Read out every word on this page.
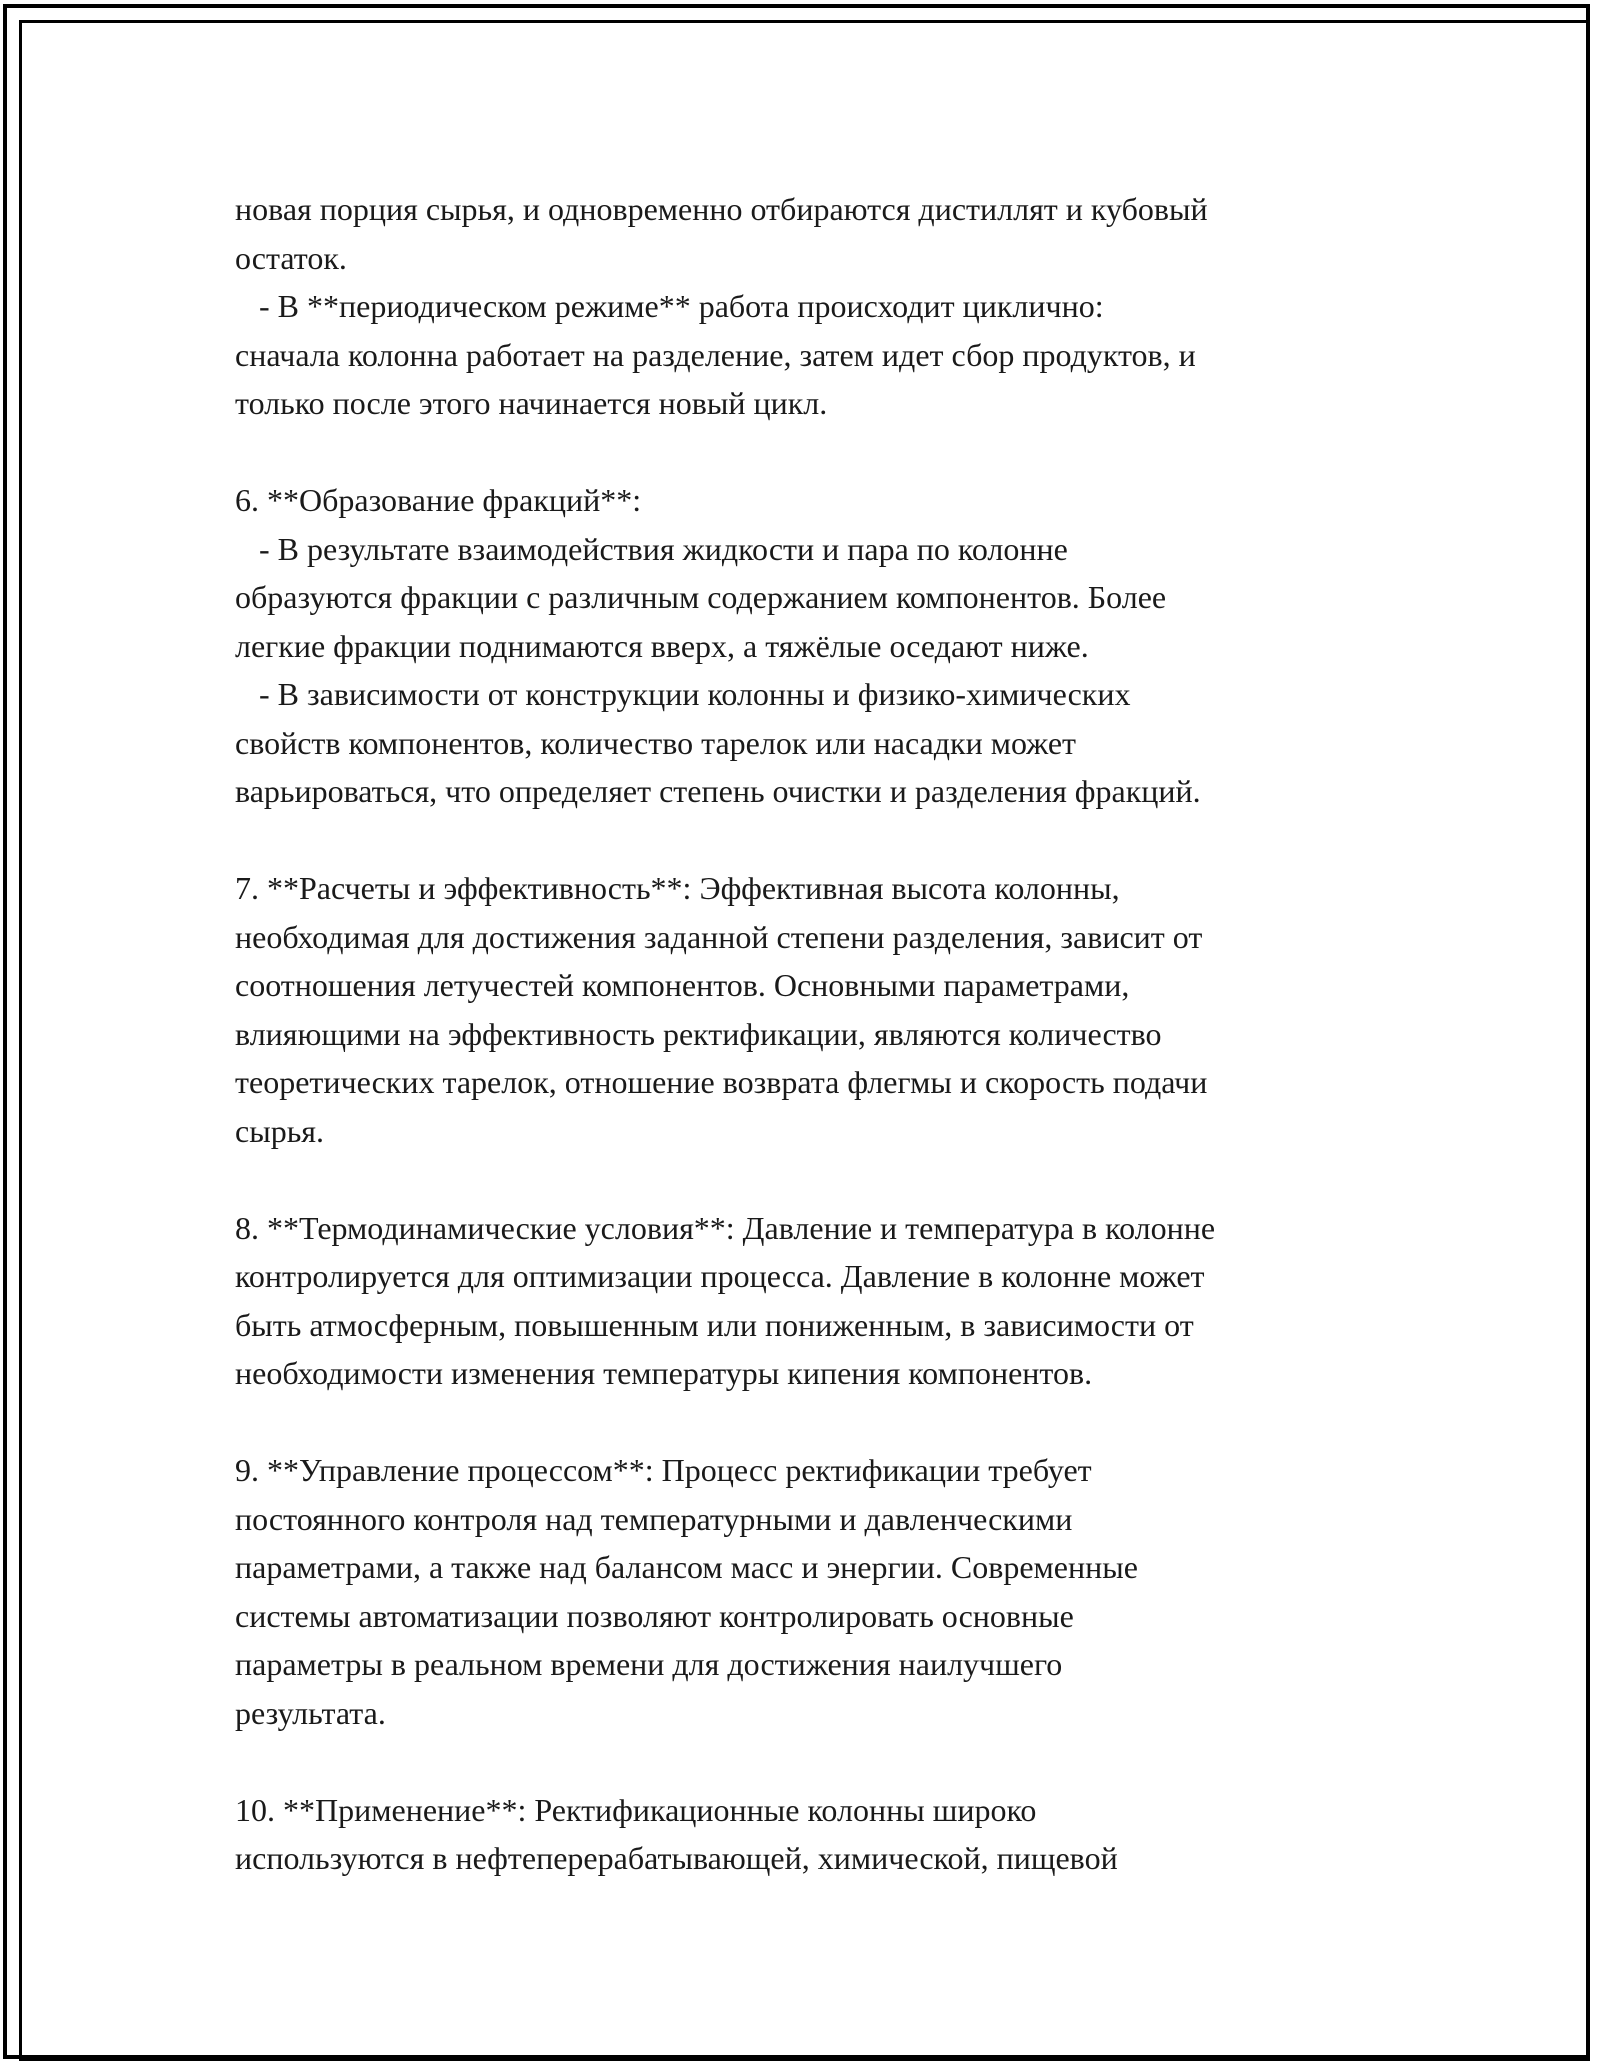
новая порция сырья, и одновременно отбираются дистиллят и кубовый
остаток.
- В **периодическом режиме** работа происходит циклично:
сначала колонна работает на разделение, затем идет сбор продуктов, и
только после этого начинается новый цикл.
6. **Образование фракций**:
- В результате взаимодействия жидкости и пара по колонне
образуются фракции с различным содержанием компонентов. Более
легкие фракции поднимаются вверх, а тяжёлые оседают ниже.
- В зависимости от конструкции колонны и физико-химических
свойств компонентов, количество тарелок или насадки может
варьироваться, что определяет степень очистки и разделения фракций.
7. **Расчеты и эффективность**: Эффективная высота колонны,
необходимая для достижения заданной степени разделения, зависит от
соотношения летучестей компонентов. Основными параметрами,
влияющими на эффективность ректификации, являются количество
теоретических тарелок, отношение возврата флегмы и скорость подачи
сырья.
8. **Термодинамические условия**: Давление и температура в колонне
контролируется для оптимизации процесса. Давление в колонне может
быть атмосферным, повышенным или пониженным, в зависимости от
необходимости изменения температуры кипения компонентов.
9. **Управление процессом**: Процесс ректификации требует
постоянного контроля над температурными и давленческими
параметрами, а также над балансом масс и энергии. Современные
системы автоматизации позволяют контролировать основные
параметры в реальном времени для достижения наилучшего
результата.
10. **Применение**: Ректификационные колонны широко
используются в нефтеперерабатывающей, химической, пищевой
